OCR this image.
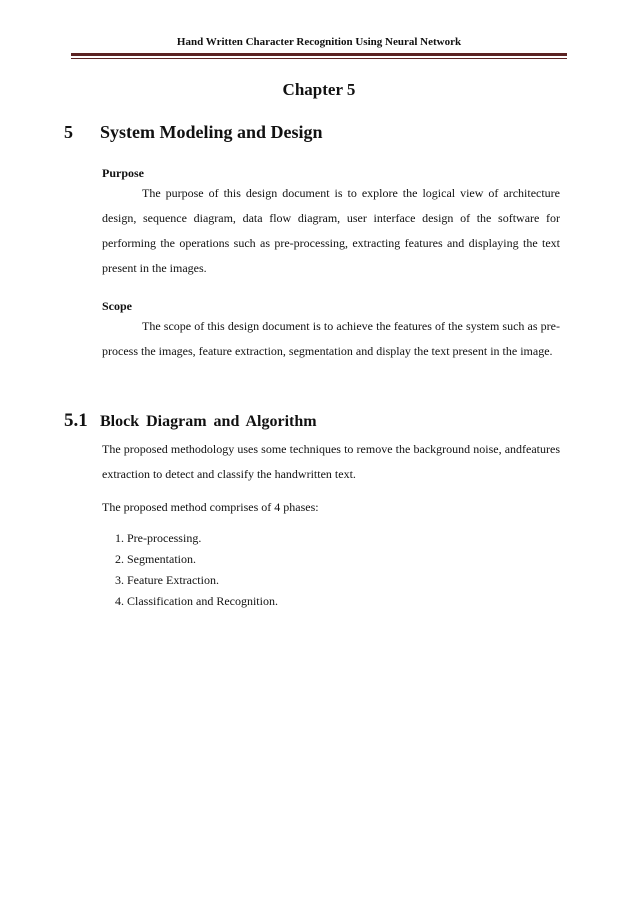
Hand Written Character Recognition Using Neural Network
Chapter 5
5 System Modeling and Design
Purpose

The purpose of this design document is to explore the logical view of architecture design, sequence diagram, data flow diagram, user interface design of the software for performing the operations such as pre-processing, extracting features and displaying the text present in the images.

Scope

The scope of this design document is to achieve the features of the system such as pre-process the images, feature extraction, segmentation and display the text present in the image.

5.1 Block Diagram and Algorithm

The proposed methodology uses some techniques to remove the background noise, andfeatures extraction to detect and classify the handwritten text.

The proposed method comprises of 4 phases:
1. Pre-processing.
2. Segmentation.
3. Feature Extraction.
4. Classification and Recognition.
